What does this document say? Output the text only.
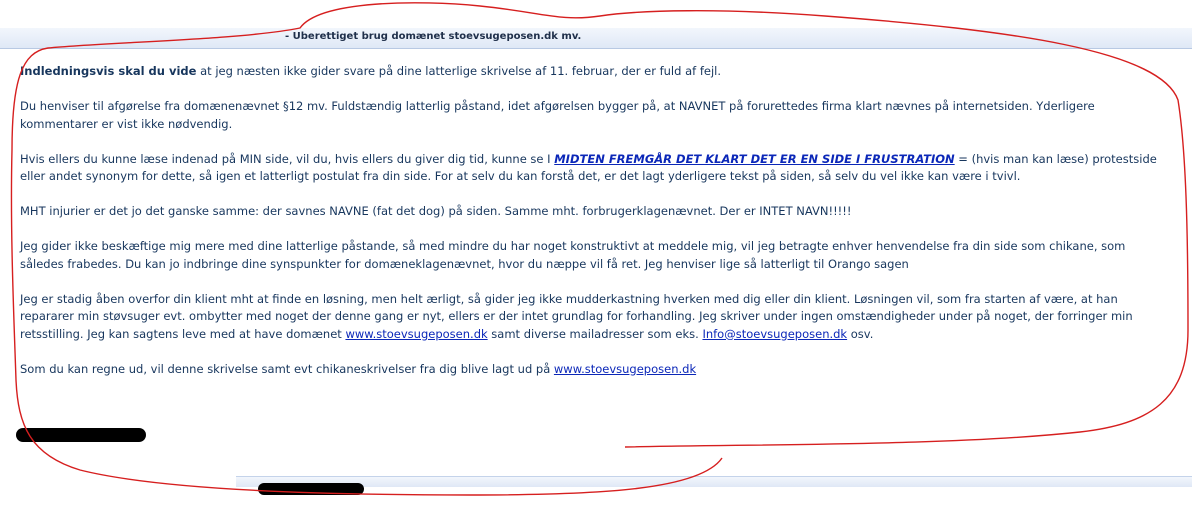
- Uberettiget brug domænet stoevsugeposen.dk mv.

Indledningsvis skal du vide at jeg næsten ikke gider svare på dine latterlige skrivelse af 11. februar, der er fuld af fejl.

Du henviser til afgørelse fra domænenævnet §12 mv. Fuldstændig latterlig påstand, idet afgørelsen bygger på, at NAVNET på forurettedes firma klart nævnes på internetsiden. Yderligere kommentarer er vist ikke nødvendig.

Hvis ellers du kunne læse indenad på MIN side, vil du, hvis ellers du giver dig tid, kunne se I MIDTEN FREMGÅR DET KLART DET ER EN SIDE I FRUSTRATION = (hvis man kan læse) protestside eller andet synonym for dette, så igen et latterligt postulat fra din side. For at selv du kan forstå det, er det lagt yderligere tekst på siden, så selv du vel ikke kan være i tvivl.

MHT injurier er det jo det ganske samme: der savnes NAVNE (fat det dog) på siden. Samme mht. forbrugerklagenævnet. Der er INTET NAVN!!!!!

Jeg gider ikke beskæftige mig mere med dine latterlige påstande, så med mindre du har noget konstruktivt at meddele mig, vil jeg betragte enhver henvendelse fra din side som chikane, som således frabedes. Du kan jo indbringe dine synspunkter for domæneklagenævnet, hvor du næppe vil få ret. Jeg henviser lige så latterligt til Orango sagen

Jeg er stadig åben overfor din klient mht at finde en løsning, men helt ærligt, så gider jeg ikke mudderkastning hverken med dig eller din klient. Løsningen vil, som fra starten af være, at han repararer min støvsuger evt. ombytter med noget der denne gang er nyt, ellers er der intet grundlag for forhandling. Jeg skriver under ingen omstændigheder under på noget, der forringer min retsstilling. Jeg kan sagtens leve med at have domænet www.stoevsugeposen.dk samt diverse mailadresser som eks. Info@stoevsugeposen.dk osv.

Som du kan regne ud, vil denne skrivelse samt evt chikaneskrivelser fra dig blive lagt ud på www.stoevsugeposen.dk
